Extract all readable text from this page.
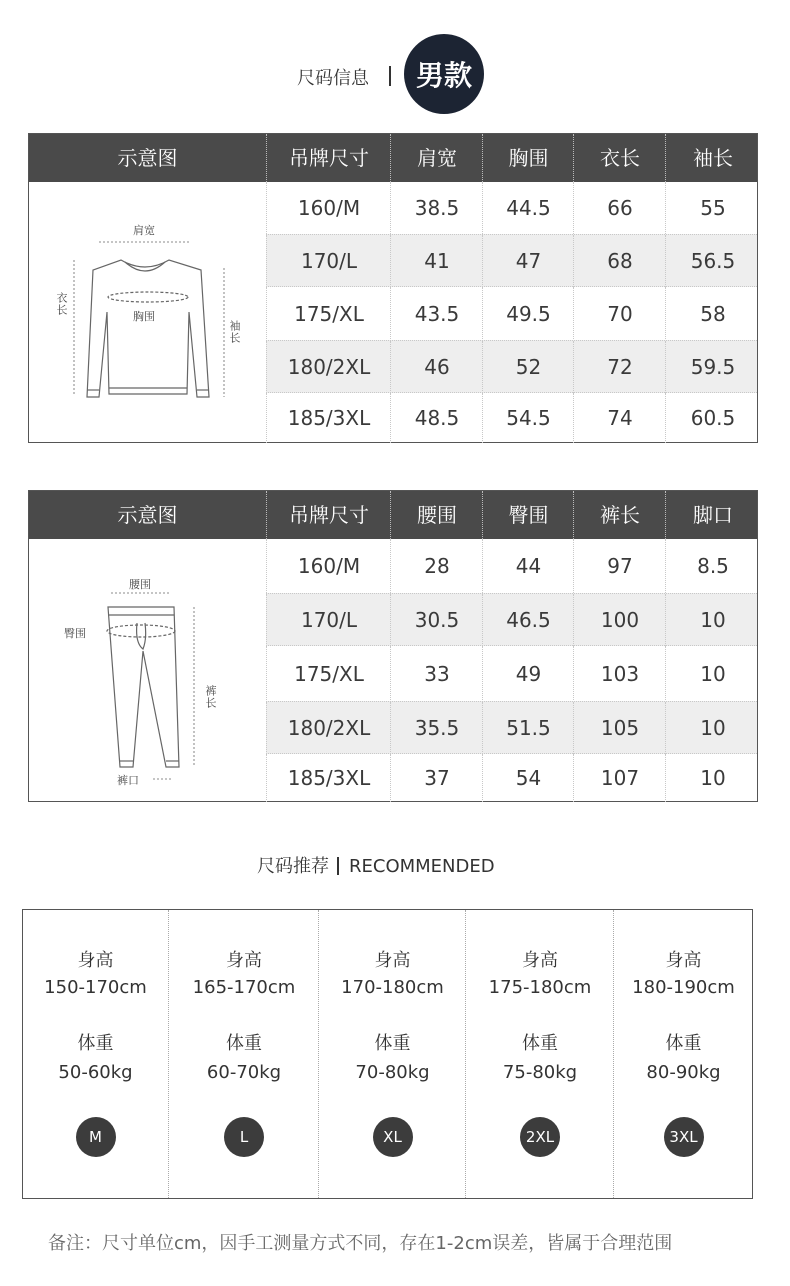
尺码信息	男款
示意图	吊牌尺寸	肩宽	胸围	衣长	袖长
肩宽
胸围
衣长
袖长
160/M	38.5	44.5	66	55
170/L	41	47	68	56.5
175/XL	43.5	49.5	70	58
180/2XL	46	52	72	59.5
185/3XL	48.5	54.5	74	60.5
示意图	吊牌尺寸	腰围	臀围	裤长	脚口
腰围
臀围
裤长
裤口
160/M	28	44	97	8.5
170/L	30.5	46.5	100	10
175/XL	33	49	103	10
180/2XL	35.5	51.5	105	10
185/3XL	37	54	107	10
尺码推荐 RECOMMENDED
身高
150-170cm
体重
50-60kg
M
身高
165-170cm
体重
60-70kg
L
身高
170-180cm
体重
70-80kg
XL
身高
175-180cm
体重
75-80kg
2XL
身高
180-190cm
体重
80-90kg
3XL
备注：尺寸单位cm，因手工测量方式不同，存在1-2cm误差，皆属于合理范围
